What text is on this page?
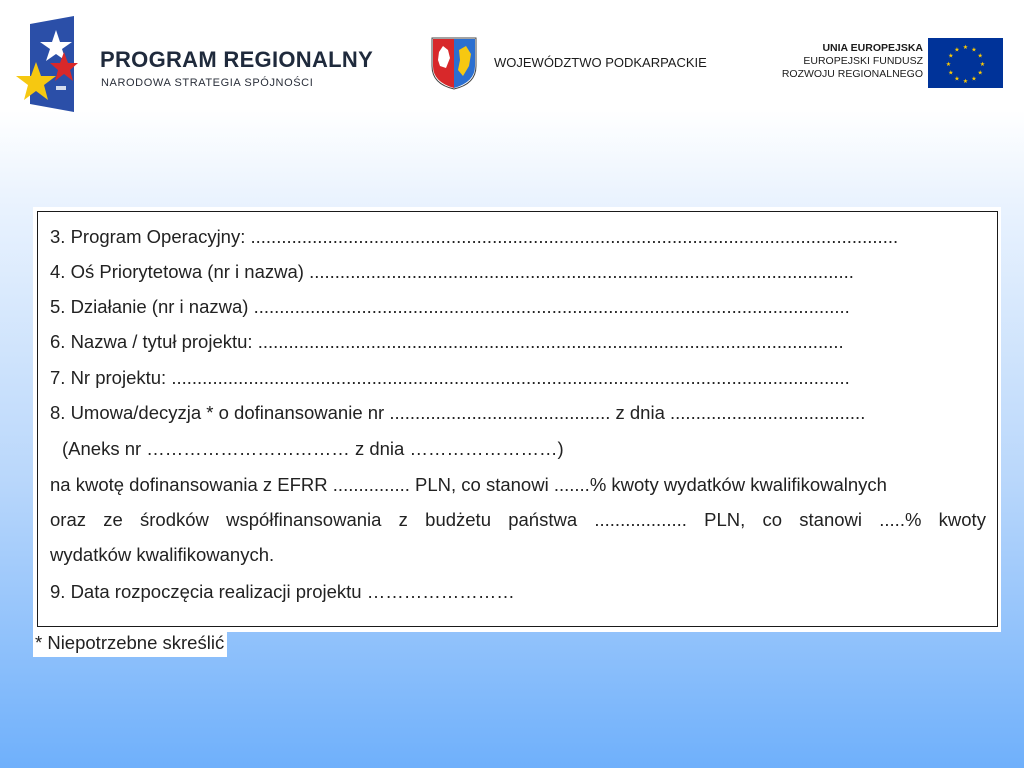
PROGRAM REGIONALNY
NARODOWA STRATEGIA SPÓJNOŚCI
WOJEWÓDZTWO PODKARPACKIE
UNIA EUROPEJSKA
EUROPEJSKI FUNDUSZ
ROZWOJU REGIONALNEGO
★ ★
★
★
★
★
★
★
★
★
★
★
3. Program Operacyjny: ..............................................................................................................................
4. Oś Priorytetowa (nr i nazwa) ..........................................................................................................
5. Działanie (nr i nazwa) ....................................................................................................................
6. Nazwa / tytuł projektu: ..................................................................................................................
7. Nr projektu: ....................................................................................................................................
8. Umowa/decyzja * o dofinansowanie nr ........................................... z dnia ......................................
(Aneks nr …………………………… z dnia ……………………)
na kwotę dofinansowania z EFRR ............... PLN, co stanowi .......% kwoty wydatków kwalifikowalnych
oraz ze środków współfinansowania z budżetu państwa .................. PLN, co stanowi .....% kwoty
wydatków kwalifikowanych.
9. Data rozpoczęcia realizacji projektu ……………………
* Niepotrzebne skreślić
